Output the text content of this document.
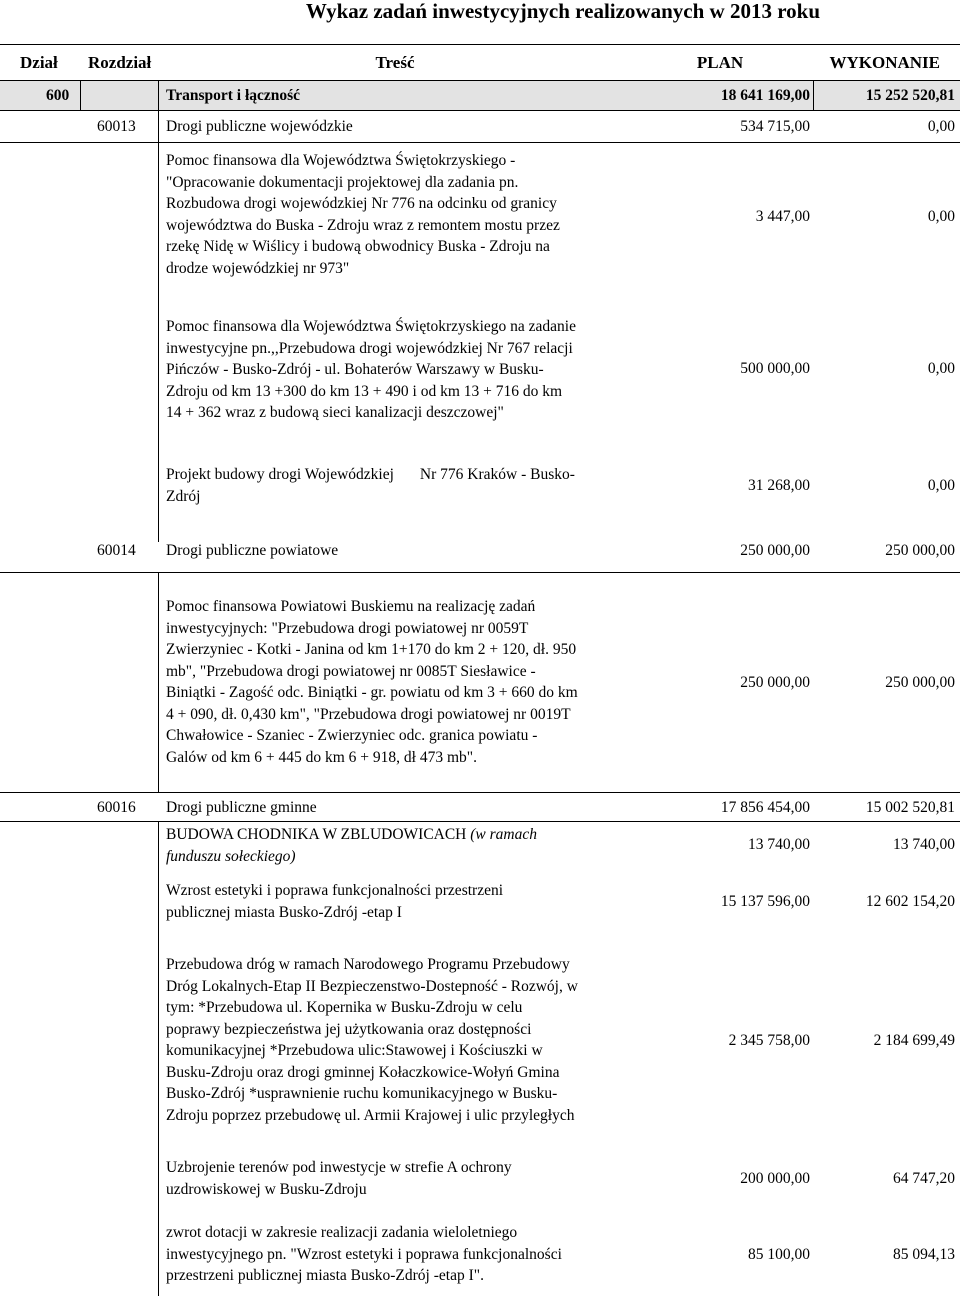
Wykaz zadań inwestycyjnych realizowanych w 2013 roku
Dział Rozdział	Treść	PLAN	WYKONANIE
600	Transport i łączność	18 641 169,00	15 252 520,81
60013 Drogi publiczne wojewódzkie	534 715,00	0,00
Pomoc finansowa dla Województwa Świętokrzyskiego -
"Opracowanie dokumentacji projektowej dla zadania pn.
Rozbudowa drogi wojewódzkiej Nr 776 na odcinku od granicy
województwa do Buska - Zdroju wraz z remontem mostu przez
rzekę Nidę w Wiślicy i budową obwodnicy Buska - Zdroju na
drodze wojewódzkiej nr 973"
3 447,00	0,00
Pomoc finansowa dla Województwa Świętokrzyskiego na zadanie
inwestycyjne pn.,,Przebudowa drogi wojewódzkiej Nr 767 relacji
Pińczów - Busko-Zdrój - ul. Bohaterów Warszawy w Busku-
Zdroju od km 13 +300 do km 13 + 490 i od km 13 + 716 do km
14 + 362 wraz z budową sieci kanalizacji deszczowej"
500 000,00	0,00
Projekt budowy drogi Wojewódzkiej Nr 776 Kraków - Busko-
Zdrój
31 268,00	0,00
60014 Drogi publiczne powiatowe	250 000,00	250 000,00
Pomoc finansowa Powiatowi Buskiemu na realizację zadań
inwestycyjnych: "Przebudowa drogi powiatowej nr 0059T
Zwierzyniec - Kotki - Janina od km 1+170 do km 2 + 120, dł. 950
mb", "Przebudowa drogi powiatowej nr 0085T Siesławice -
Biniątki - Zagość odc. Biniątki - gr. powiatu od km 3 + 660 do km
4 + 090, dł. 0,430 km", "Przebudowa drogi powiatowej nr 0019T
Chwałowice - Szaniec - Zwierzyniec odc. granica powiatu -
Galów od km 6 + 445 do km 6 + 918, dł 473 mb".
250 000,00	250 000,00
60016 Drogi publiczne gminne	17 856 454,00	15 002 520,81
BUDOWA CHODNIKA W ZBLUDOWICACH (w ramach
funduszu sołeckiego)
13 740,00	13 740,00
Wzrost estetyki i poprawa funkcjonalności przestrzeni
publicznej miasta Busko-Zdrój -etap I
15 137 596,00	12 602 154,20
Przebudowa dróg w ramach Narodowego Programu Przebudowy
Dróg Lokalnych-Etap II Bezpieczenstwo-Dostepność - Rozwój, w
tym: *Przebudowa ul. Kopernika w Busku-Zdroju w celu
poprawy bezpieczeństwa jej użytkowania oraz dostępności
komunikacyjnej *Przebudowa ulic:Stawowej i Kościuszki w
Busku-Zdroju oraz drogi gminnej Kołaczkowice-Wołyń Gmina
Busko-Zdrój *usprawnienie ruchu komunikacyjnego w Busku-
Zdroju poprzez przebudowę ul. Armii Krajowej i ulic przyległych
2 345 758,00	2 184 699,49
Uzbrojenie terenów pod inwestycje w strefie A ochrony
uzdrowiskowej w Busku-Zdroju
200 000,00	64 747,20
zwrot dotacji w zakresie realizacji zadania wieloletniego
inwestycyjnego pn. "Wzrost estetyki i poprawa funkcjonalności
przestrzeni publicznej miasta Busko-Zdrój -etap I".
85 100,00	85 094,13
